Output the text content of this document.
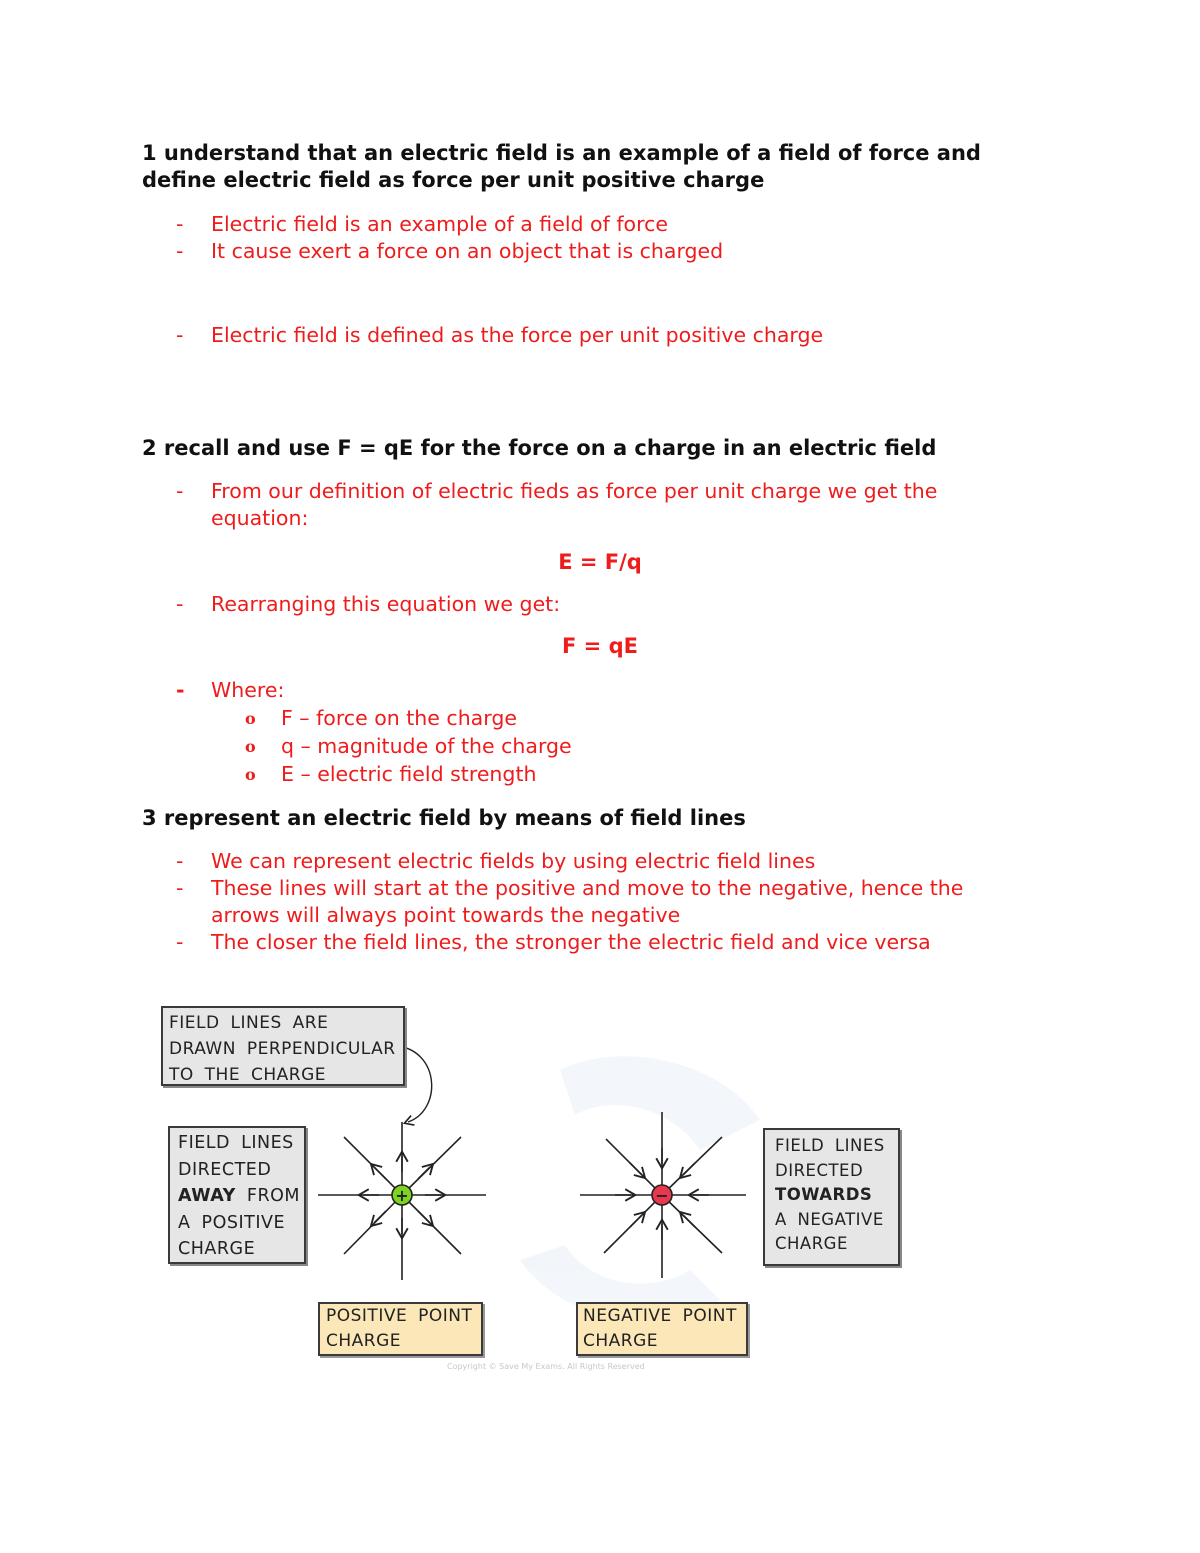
1 understand that an electric field is an example of a field of force and
define electric field as force per unit positive charge

- Electric field is an example of a field of force
- It cause exert a force on an object that is charged
- Electric field is defined as the force per unit positive charge

2 recall and use F = qE for the force on a charge in an electric field

- From our definition of electric fieds as force per unit charge we get the
equation:
E = F/q
- Rearranging this equation we get:
F = qE
- Where:
o F – force on the charge
o q – magnitude of the charge
o E – electric field strength

3 represent an electric field by means of field lines

- We can represent electric fields by using electric field lines
- These lines will start at the positive and move to the negative, hence the
arrows will always point towards the negative
- The closer the field lines, the stronger the electric field and vice versa
+	−
FIELD LINES ARE
DRAWN PERPENDICULAR
TO THE CHARGE
FIELD LINES
DIRECTED
AWAY FROM
A POSITIVE
CHARGE
FIELD LINES
DIRECTED
TOWARDS
A NEGATIVE
CHARGE
POSITIVE POINT
CHARGE
NEGATIVE POINT
CHARGE
Copyright © Save My Exams. All Rights Reserved
